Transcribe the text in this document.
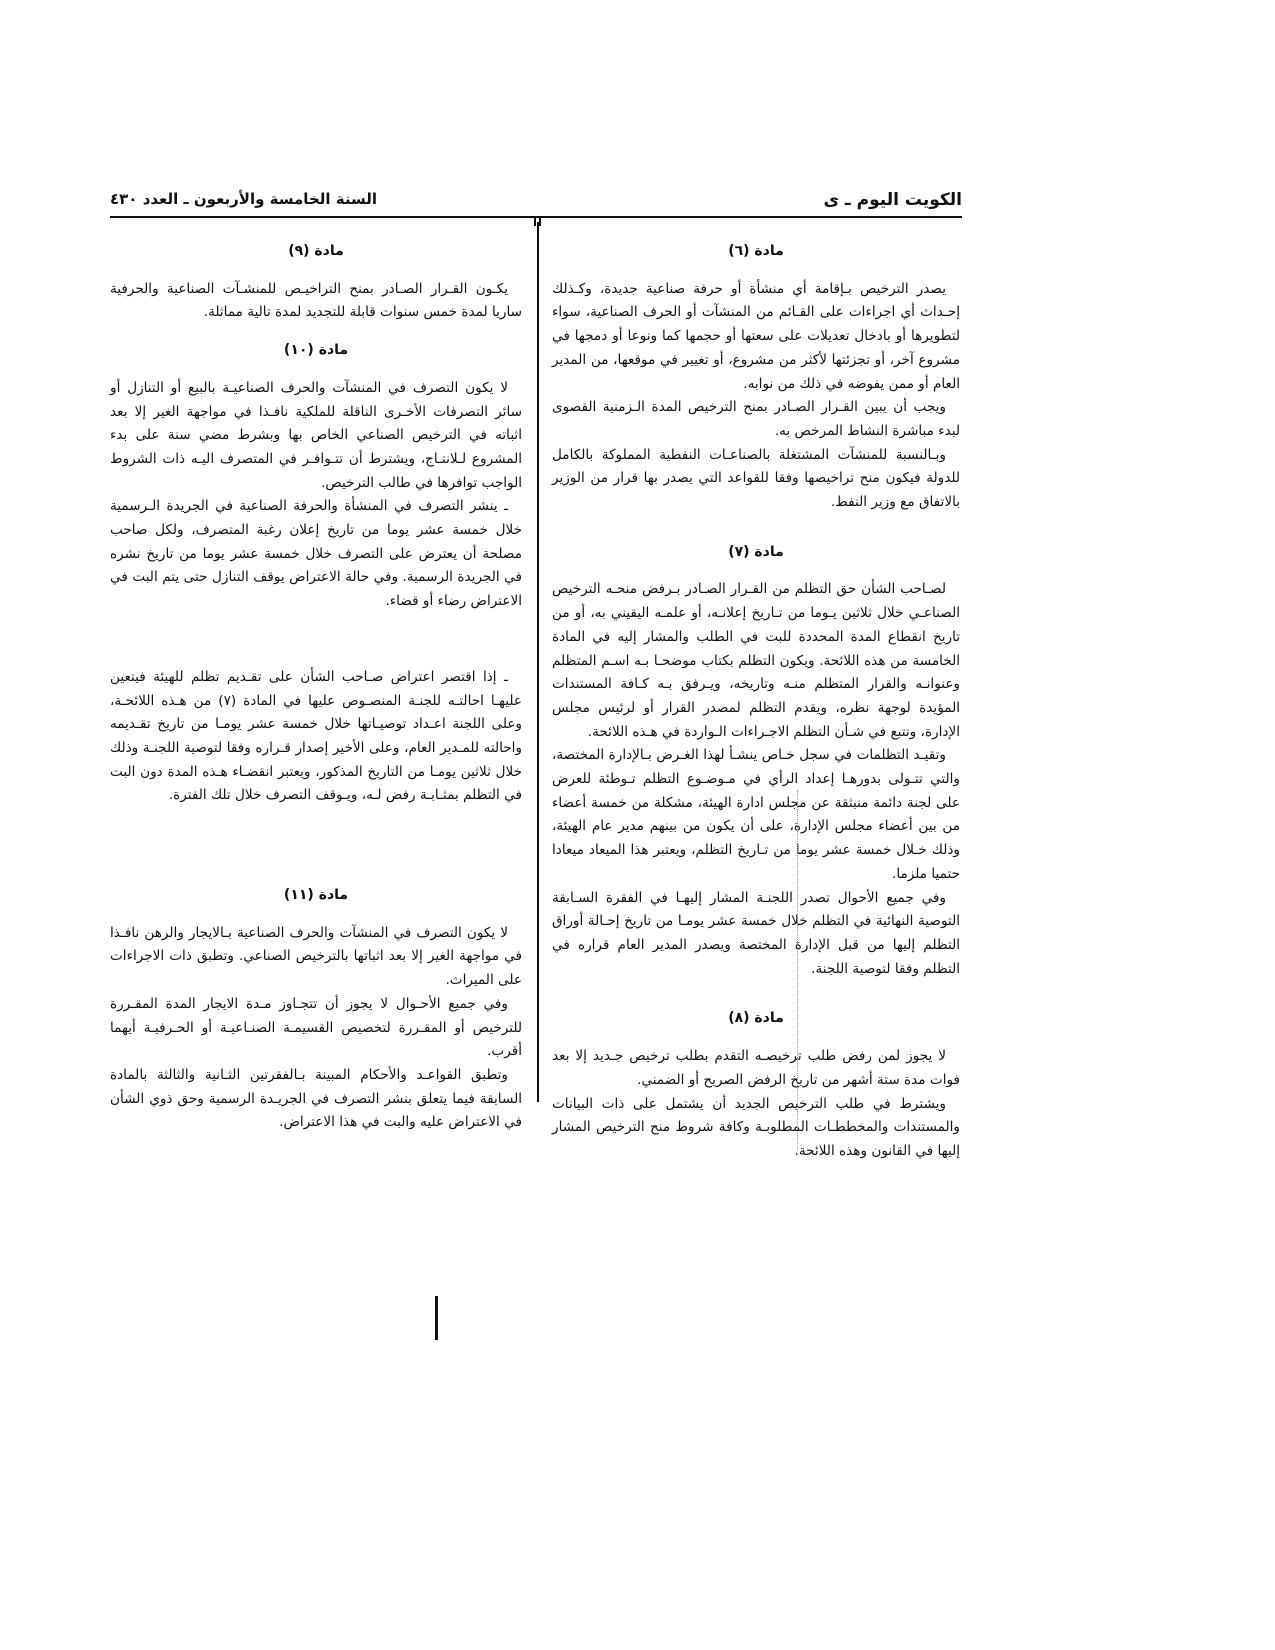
الكويت اليوم ـ ى
السنة الخامسة والأربعون ـ العدد ٤٣٠

مادة (٦)

يصدر الترخيص بـإقامة أي منشأة أو حرفة صناعية جديدة، وكـذلك إحـداث أي اجراءات على القـائم من المنشآت أو الحرف الصناعية، سواء لتطويرها أو بادخال تعديلات على سعتها أو حجمها كما ونوعا أو دمجها في مشروع آخر، أو تجزئتها لأكثر من مشروع، أو تغيير في موقعها، من المدير العام أو ممن يفوضه في ذلك من نوابه.

ويجب أن يبين القـرار الصـادر بمنح الترخيص المدة الـزمنية القصوى لبدء مباشرة النشاط المرخص به.

وبـالنسبة للمنشآت المشتغلة بالصناعـات النفطية المملوكة بالكامل للدولة فيكون منح تراخيصها وفقا للقواعد التي يصدر بها قرار من الوزير بالاتفاق مع وزير النفط.

مادة (٧)

لصـاحب الشأن حق التظلم من القـرار الصـادر بـرفض منحـه الترخيص الصناعـي خلال ثلاثين يـوما من تـاريخ إعلانـه، أو علمـه اليقيني به، أو من تاريخ انقطاع المدة المحددة للبت في الطلب والمشار إليه في المادة الخامسة من هذه اللائحة. ويكون التظلم بكتاب موضحـا بـه اسـم المتظلم وعنوانـه والقرار المتظلم منـه وتاريخه، ويـرفق بـه كـافة المستندات المؤيدة لوجهة نظره، ويقدم التظلم لمصدر القرار أو لرئيس مجلس الإدارة، وتتبع في شـأن التظلم الاجـراءات الـواردة في هـذه اللائحة.

وتقيـد التظلمات في سجل خـاص ينشـأ لهذا الغـرض بـالإدارة المختصة، والتي تتـولى بدورهـا إعداد الرأي في مـوضـوع التظلم تـوطئة للعرض على لجنة دائمة منبثقة عن مجلس ادارة الهيئة، مشكلة من خمسة أعضاء من بين أعضاء مجلس الإدارة، على أن يكون من بينهم مدير عام الهيئة، وذلك خـلال خمسة عشر يوما من تـاريخ التظلم، ويعتبر هذا الميعاد ميعادا حتميا ملزما.

وفي جميع الأحوال تصدر اللجنـة المشار إليهـا في الفقرة السـابقة التوصية النهائية في التظلم خلال خمسة عشر يومـا من تاريخ إحـالة أوراق التظلم إليها من قبل الإدارة المختصة ويصدر المدير العام قراره في التظلم وفقا لتوصية اللجنة.

مادة (٨)

لا يجوز لمن رفض طلب ترخيصـه التقدم بطلب ترخيص جـديد إلا بعد فوات مدة ستة أشهر من تاريخ الرفض الصريح أو الضمني.

ويشترط في طلب الترخيص الجديد أن يشتمل على ذات البيانات والمستندات والمخططـات المطلوبـة وكافة شروط منح الترخيص المشار إليها في القانون وهذه اللائحة.

مادة (٩)

يكـون القـرار الصـادر بمنح التراخيـص للمنشـآت الصناعية والحرفية ساريا لمدة خمس سنوات قابلة للتجديد لمدة تالية مماثلة.

مادة (١٠)

لا يكون التصرف في المنشآت والحرف الصناعيـة بالبيع أو التنازل أو سائر التصرفات الأخـرى الناقلة للملكية نافـذا في مواجهة الغير إلا بعد اثباته في الترخيص الصناعي الخاص بها وبشرط مضي سنة على بدء المشروع لـلانتـاج، ويشترط أن تتـوافـر في المتصرف اليـه ذات الشروط الواجب توافرها في طالب الترخيص.

ـ ينشر التصرف في المنشأة والحرفة الصناعية في الجريدة الـرسمية خلال خمسة عشر يوما من تاريخ إعلان رغبة المتصرف، ولكل صاحب مصلحة أن يعترض على التصرف خلال خمسة عشر يوما من تاريخ نشره في الجريدة الرسمية. وفي حالة الاعتراض يوقف التنازل حتى يتم البت في الاعتراض رضاء أو قضاء.

ـ إذا اقتصر اعتراض صـاحب الشأن على تقـديم تظلم للهيئة فيتعين عليهـا احالتـه للجنـة المنصـوص عليها في المادة (٧) من هـذه اللائحـة، وعلى اللجنة اعـداد توصيـاتها خلال خمسة عشر يومـا من تاريخ تقـديمه واحالته للمـدير العام، وعلى الأخير إصدار قـراره وفقا لتوصية اللجنـة وذلك خلال ثلاثين يومـا من التاريخ المذكور، ويعتبر انقضـاء هـذه المدة دون البت في التظلم بمثـابـة رفض لـه، ويـوقف التصرف خلال تلك الفترة.

مادة (١١)

لا يكون التصرف في المنشآت والحرف الصناعية بـالايجار والرهن نافـذا في مواجهة الغير إلا بعد اثباتها بالترخيص الصناعي. وتطبق ذات الاجراءات على الميراث.

وفي جميع الأحـوال لا يجوز أن تتجـاوز مـدة الايجار المدة المقـررة للترخيص أو المقـررة لتخصيص القسيمـة الصنـاعيـة أو الحـرفيـة أيهما أقرب.

وتطبق القواعـد والأحكام المبينة بـالفقرتين الثـانية والثالثة بالمادة السابقة فيما يتعلق بنشر التصرف في الجريـدة الرسمية وحق ذوي الشأن في الاعتراض عليه والبت في هذا الاعتراض.
